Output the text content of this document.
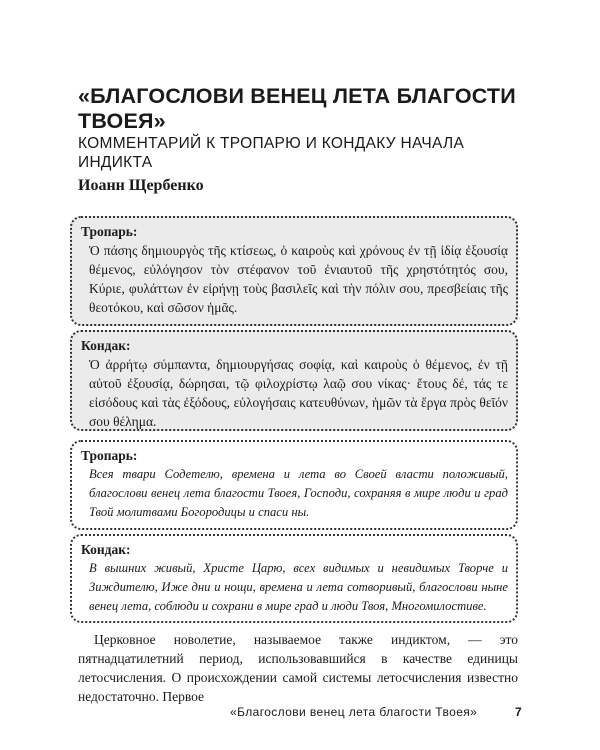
«БЛАГОСЛОВИ ВЕНЕЦ ЛЕТА БЛАГОСТИ ТВОЕЯ»

КОММЕНТАРИЙ К ТРОПАРЮ И КОНДАКУ НАЧАЛА ИНДИКТА

Иоанн Щербенко
Тропарь:
Ὁ πάσης δημιουργὸς τῆς κτίσεως, ὁ καιροὺς καὶ χρόνους ἐν τῇ ἰδίᾳ ἐξουσίᾳ θέμενος, εὐλόγησον τὸν στέφανον τοῦ ἐνιαυτοῦ τῆς χρηστότητός σου, Κύριε, φυλάττων ἐν εἰρήνῃ τοὺς βασιλεῖς καὶ τὴν πόλιν σου, πρεσβείαις τῆς θεοτόκου, καὶ σῶσον ἡμᾶς.
Кондак:
Ὁ ἀρρήτῳ σύμπαντα, δημιουργήσας σοφίᾳ, καὶ καιροὺς ὁ θέμενος, ἐν τῇ αὐτοῦ ἐξουσίᾳ, δώρησαι, τῷ φιλοχρίστῳ λαῷ σου νίκας· ἔτους δέ, τάς τε εἰσόδους καὶ τὰς ἐξόδους, εὐλογήσαις κατευθύνων, ἡμῶν τὰ ἔργα πρὸς θεῖόν σου θέλημα.
Тропарь:
Всея твари Содетелю, времена и лета во Своей власти положивый, благослови венец лета благости Твоея, Господи, сохраняя в мире люди и град Твой молитвами Богородицы и спаси ны.
Кондак:
В вышних живый, Христе Царю, всех видимых и невидимых Творче и Зиждителю, Иже дни и нощи, времена и лета сотворивый, благослови ныне венец лета, соблюди и сохрани в мире град и люди Твоя, Многомилостиве.

Церковное новолетие, называемое также индиктом, — это пятнадцатилетний период, использовавшийся в качестве единицы летосчисления. О происхождении самой системы летосчисления известно недостаточно. Первое

«Благослови венец лета благости Твоея»	7
